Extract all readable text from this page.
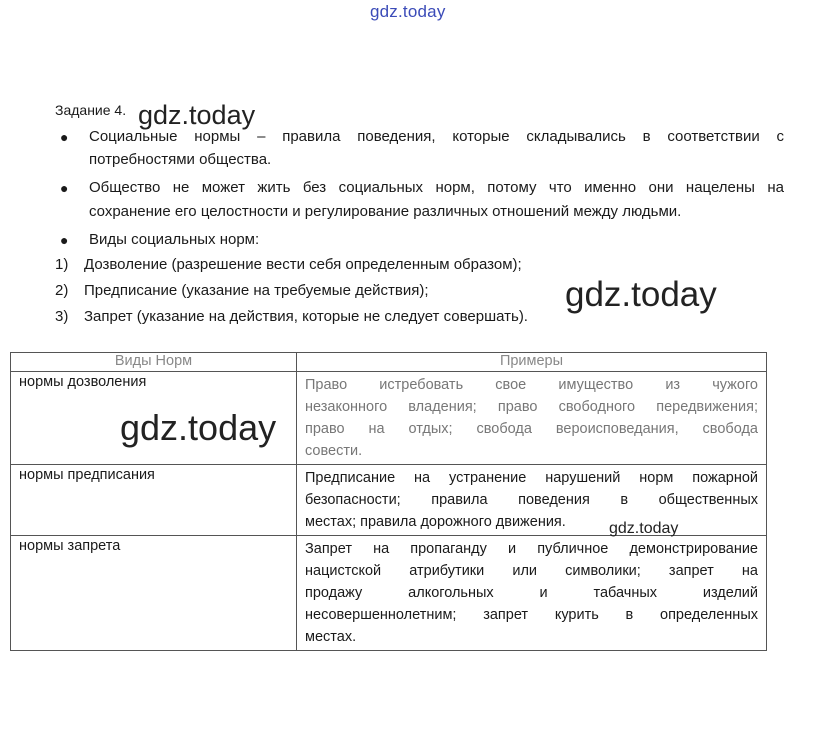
gdz.today
Задание 4.
● Социальные нормы – правила поведения, которые складывались в соответствии с
потребностями общества.
● Общество не может жить без социальных норм, потому что именно они нацелены на
сохранение его целостности и регулирование различных отношений между людьми.
● Виды социальных норм:
1) Дозволение (разрешение вести себя определенным образом);
2) Предписание (указание на требуемые действия);
3) Запрет (указание на действия, которые не следует совершать).
Виды Норм	Примеры
нормы дозволения	Право истребовать свое имущество из чужого
незаконного владения; право свободного передвижения;
право на отдых; свобода вероисповедания, свобода
совести.

нормы предписания	Предписание на устранение нарушений норм пожарной
безопасности; правила поведения в общественных
местах; правила дорожного движения.

нормы запрета	Запрет на пропаганду и публичное демонстрирование
нацистской атрибутики или символики; запрет на
продажу алкогольных и табачных изделий
несовершеннолетним; запрет курить в определенных
местах.
gdz.today
gdz.today
gdz.today
gdz.today
